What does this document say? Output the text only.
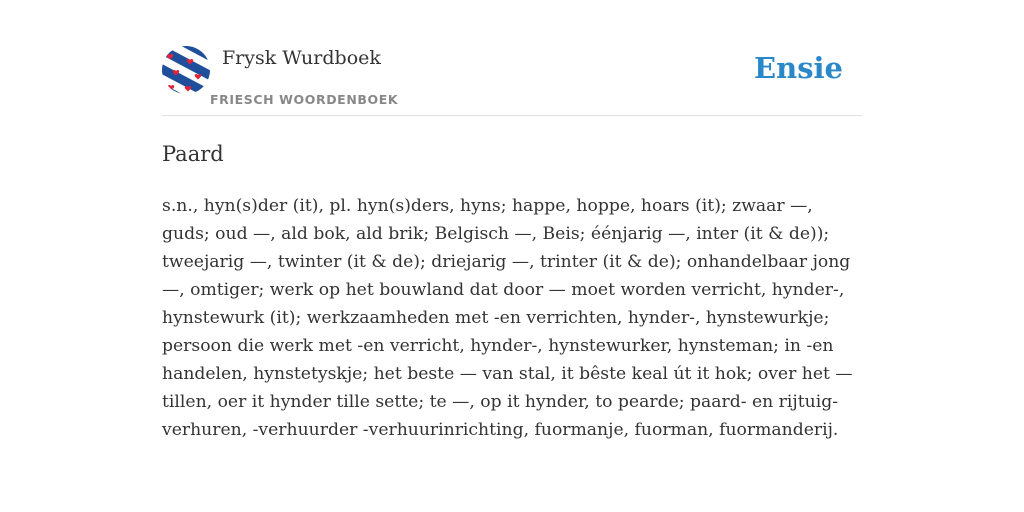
Frysk Wurdboek
FRIESCH WOORDENBOEK
Ensie
Paard

s.n., hyn(s)der (it), pl. hyn(s)ders, hyns; happe, hoppe, hoars (it); zwaar —, guds; oud —, ald bok, ald brik; Belgisch —, Beis; éénjarig —, inter (it & de)); tweejarig —, twinter (it & de); driejarig —, trinter (it & de); onhandelbaar jong —, omtiger; werk op het bouwland dat door — moet worden verricht, hynder-, hynstewurk (it); werkzaamheden met -en verrichten, hynder-, hynstewurkje; persoon die werk met -en verricht, hynder-, hynstewurker, hynsteman; in -en handelen, hynstetyskje; het beste — van stal, it bêste keal út it hok; over het — tillen, oer it hynder tille sette; te —, op it hynder, to pearde; paard- en rijtuig-verhuren, -verhuurder -verhuurinrichting, fuormanje, fuorman, fuormanderij.
